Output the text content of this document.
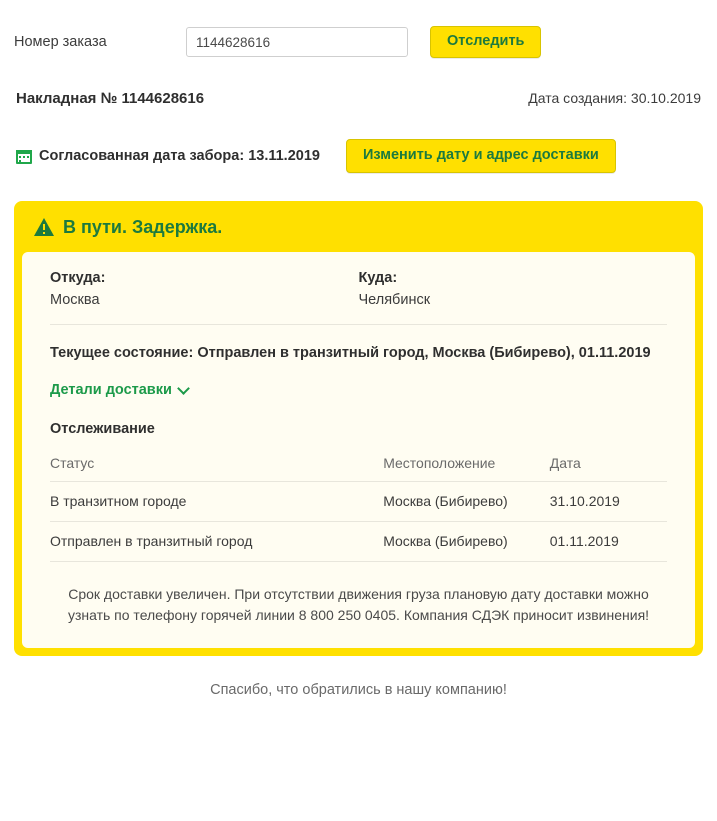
Номер заказа
1144628616	Отследить
Накладная № 1144628616	Дата создания: 30.10.2019
Согласованная дата забора: 13.11.2019	Изменить дату и адрес доставки
В пути. Задержка.
Откуда:
Москва
Куда:
Челябинск
Текущее состояние: Отправлен в транзитный город, Москва (Бибирево), 01.11.2019
Детали доставки
Отслеживание
Статус	Местоположение	Дата
В транзитном городе	Москва (Бибирево)	31.10.2019
Отправлен в транзитный город	Москва (Бибирево)	01.11.2019
Срок доставки увеличен. При отсутствии движения груза плановую дату доставки можно узнать по телефону горячей линии 8 800 250 0405. Компания СДЭК приносит извинения!
Спасибо, что обратились в нашу компанию!
